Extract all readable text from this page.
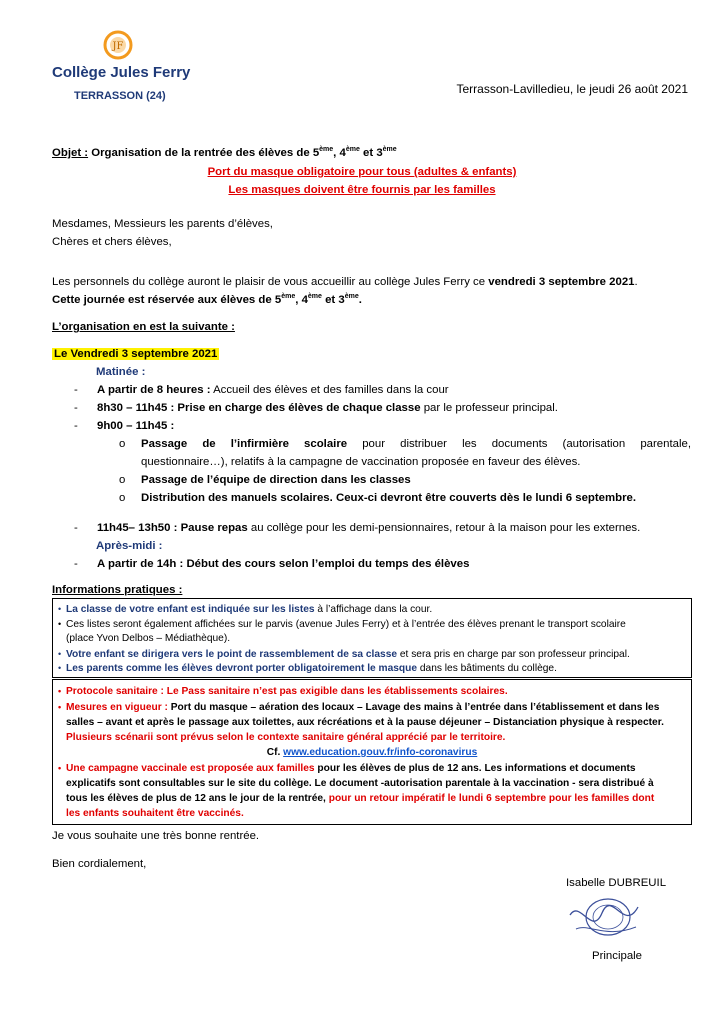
JF
Collège Jules Ferry
TERRASSON (24)	Terrasson-Lavilledieu, le jeudi 26 août 2021
Objet : Organisation de la rentrée des élèves de 5ème, 4ème et 3ème
Port du masque obligatoire pour tous (adultes & enfants)
Les masques doivent être fournis par les familles
Mesdames, Messieurs les parents d’élèves,
Chères et chers élèves,
Les personnels du collège auront le plaisir de vous accueillir au collège Jules Ferry ce vendredi 3 septembre 2021.
Cette journée est réservée aux élèves de 5ème, 4ème et 3ème.
L’organisation en est la suivante :
Le Vendredi 3 septembre 2021
Matinée :
- A partir de 8 heures : Accueil des élèves et des familles dans la cour
- 8h30 – 11h45 : Prise en charge des élèves de chaque classe par le professeur principal.
- 9h00 – 11h45 :
o Passage de l’infirmière scolaire pour distribuer les documents (autorisation parentale,
questionnaire…), relatifs à la campagne de vaccination proposée en faveur des élèves.
o Passage de l’équipe de direction dans les classes
o Distribution des manuels scolaires. Ceux-ci devront être couverts dès le lundi 6 septembre.
- 11h45– 13h50 : Pause repas au collège pour les demi-pensionnaires, retour à la maison pour les externes.
Après-midi :
- A partir de 14h : Début des cours selon l’emploi du temps des élèves
Informations pratiques :
• La classe de votre enfant est indiquée sur les listes à l’affichage dans la cour.
• Ces listes seront également affichées sur le parvis (avenue Jules Ferry) et à l’entrée des élèves prenant le transport scolaire
(place Yvon Delbos – Médiathèque).
• Votre enfant se dirigera vers le point de rassemblement de sa classe et sera pris en charge par son professeur principal.
• Les parents comme les élèves devront porter obligatoirement le masque dans les bâtiments du collège.
• Protocole sanitaire : Le Pass sanitaire n’est pas exigible dans les établissements scolaires.
• Mesures en vigueur : Port du masque – aération des locaux – Lavage des mains à l’entrée dans l’établissement et dans les
salles – avant et après le passage aux toilettes, aux récréations et à la pause déjeuner – Distanciation physique à respecter.
Plusieurs scénarii sont prévus selon le contexte sanitaire général apprécié par le territoire.
Cf. www.education.gouv.fr/info-coronavirus
• Une campagne vaccinale est proposée aux familles pour les élèves de plus de 12 ans. Les informations et documents
explicatifs sont consultables sur le site du collège. Le document -autorisation parentale à la vaccination - sera distribué à
tous les élèves de plus de 12 ans le jour de la rentrée, pour un retour impératif le lundi 6 septembre pour les familles dont
les enfants souhaitent être vaccinés.
Je vous souhaite une très bonne rentrée.
Bien cordialement,
Isabelle DUBREUIL
Principale
